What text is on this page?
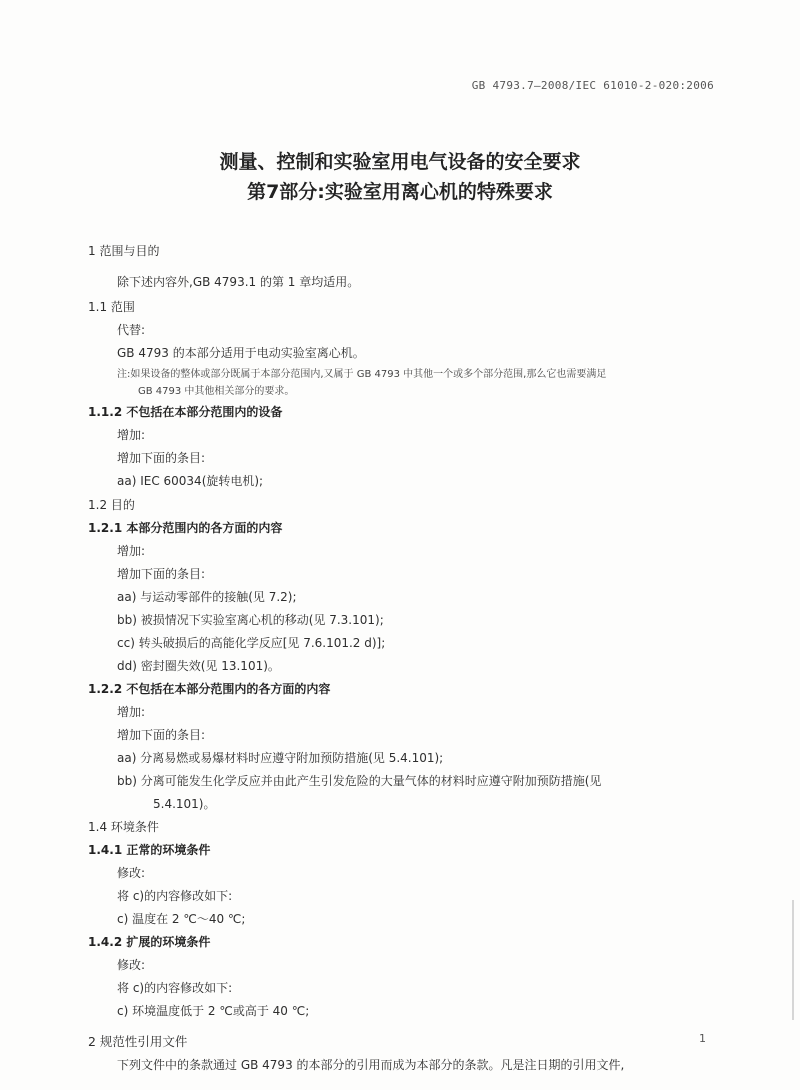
GB 4793.7—2008/IEC 61010-2-020:2006
测量、控制和实验室用电气设备的安全要求
第7部分:实验室用离心机的特殊要求
1 范围与目的
除下述内容外,GB 4793.1 的第 1 章均适用。
1.1 范围
代替:
GB 4793 的本部分适用于电动实验室离心机。
注:如果设备的整体或部分既属于本部分范围内,又属于 GB 4793 中其他一个或多个部分范围,那么它也需要满足
GB 4793 中其他相关部分的要求。
1.1.2 不包括在本部分范围内的设备
增加:
增加下面的条目:
aa) IEC 60034(旋转电机);
1.2 目的
1.2.1 本部分范围内的各方面的内容
增加:
增加下面的条目:
aa) 与运动零部件的接触(见 7.2);
bb) 被损情况下实验室离心机的移动(见 7.3.101);
cc) 转头破损后的高能化学反应[见 7.6.101.2 d)];
dd) 密封圈失效(见 13.101)。
1.2.2 不包括在本部分范围内的各方面的内容
增加:
增加下面的条目:
aa) 分离易燃或易爆材料时应遵守附加预防措施(见 5.4.101);
bb) 分离可能发生化学反应并由此产生引发危险的大量气体的材料时应遵守附加预防措施(见
5.4.101)。
1.4 环境条件
1.4.1 正常的环境条件
修改:
将 c)的内容修改如下:
c) 温度在 2 ℃～40 ℃;
1.4.2 扩展的环境条件
修改:
将 c)的内容修改如下:
c) 环境温度低于 2 ℃或高于 40 ℃;
2 规范性引用文件
下列文件中的条款通过 GB 4793 的本部分的引用而成为本部分的条款。凡是注日期的引用文件,
1
